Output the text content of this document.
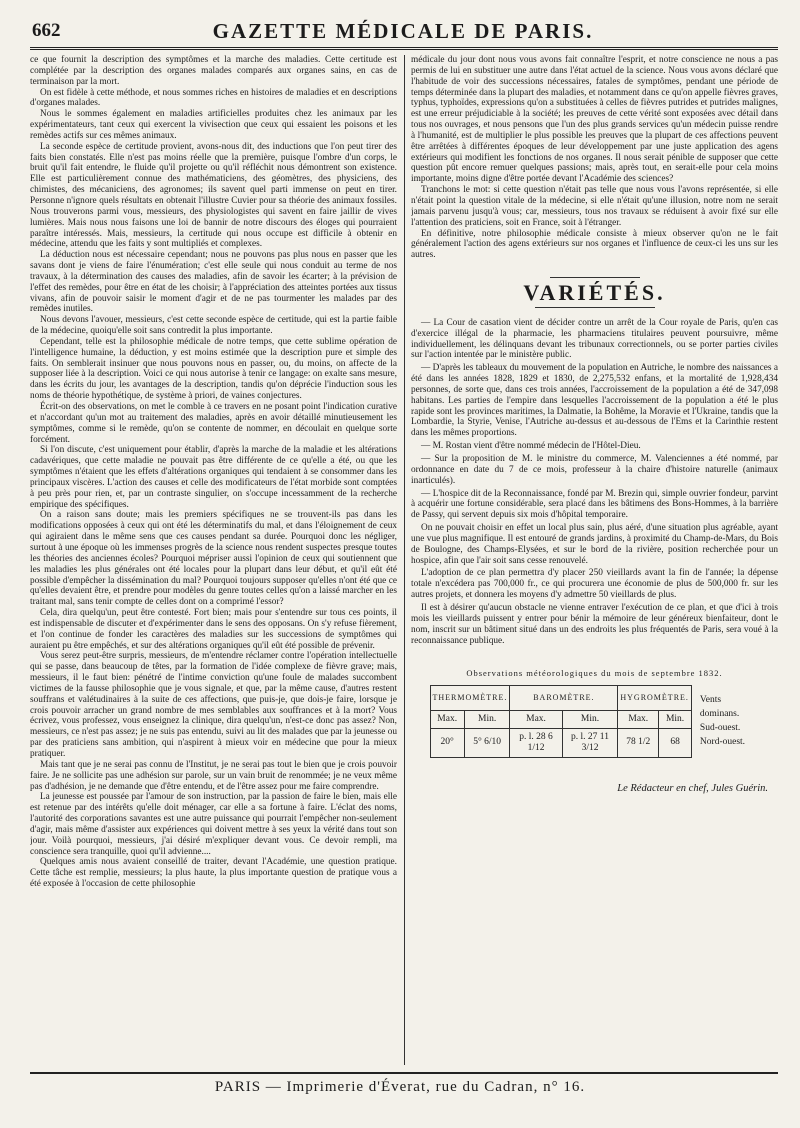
662	GAZETTE MÉDICALE DE PARIS.

ce que fournit la description des symptômes et la marche des maladies. Cette certitude est complétée par la description des organes malades comparés aux organes sains, en cas de terminaison par la mort.

On est fidèle à cette méthode, et nous sommes riches en histoires de maladies et en descriptions d'organes malades.

Nous le sommes également en maladies artificielles produites chez les animaux par les expérimentateurs, tant ceux qui exercent la vivisection que ceux qui essaient les poisons et les remèdes actifs sur ces mêmes animaux.

La seconde espèce de certitude provient, avons-nous dit, des inductions que l'on peut tirer des faits bien constatés. Elle n'est pas moins réelle que la première, puisque l'ombre d'un corps, le bruit qu'il fait entendre, le fluide qu'il projette ou qu'il réfléchit nous démontrent son existence. Elle est particulièrement connue des mathématiciens, des géomètres, des physiciens, des chimistes, des mécaniciens, des agronomes; ils savent quel parti immense on peut en tirer. Personne n'ignore quels résultats en obtenait l'illustre Cuvier pour sa théorie des animaux fossiles. Nous trouverons parmi vous, messieurs, des physiologistes qui savent en faire jaillir de vives lumières. Mais nous nous faisons une loi de bannir de notre discours des éloges qui pourraient paraître intéressés. Mais, messieurs, la certitude qui nous occupe est difficile à obtenir en médecine, attendu que les faits y sont multipliés et complexes.

La déduction nous est nécessaire cependant; nous ne pouvons pas plus nous en passer que les savans dont je viens de faire l'énumération; c'est elle seule qui nous conduit au terme de nos travaux, à la détermination des causes des maladies, afin de savoir les écarter; à la prévision de l'effet des remèdes, pour être en état de les choisir; à l'appréciation des atteintes portées aux tissus vivans, afin de pouvoir saisir le moment d'agir et de ne pas tourmenter les malades par des remèdes inutiles.

Nous devons l'avouer, messieurs, c'est cette seconde espèce de certitude, qui est la partie faible de la médecine, quoiqu'elle soit sans contredit la plus importante.

Cependant, telle est la philosophie médicale de notre temps, que cette sublime opération de l'intelligence humaine, la déduction, y est moins estimée que la description pure et simple des faits. On semblerait insinuer que nous pouvons nous en passer, ou, du moins, on affecte de la supposer liée à la description. Voici ce qui nous autorise à tenir ce langage: on exalte sans mesure, dans les écrits du jour, les avantages de la description, tandis qu'on déprécie l'induction sous les noms de théorie hypothétique, de système à priori, de vaines conjectures.

Écrit-on des observations, on met le comble à ce travers en ne posant point l'indication curative et n'accordant qu'un mot au traitement des maladies, après en avoir détaillé minutieusement les symptômes, comme si le remède, qu'on se contente de nommer, en découlait en quelque sorte forcément.

Si l'on discute, c'est uniquement pour établir, d'après la marche de la maladie et les altérations cadavériques, que cette maladie ne pouvait pas être différente de ce qu'elle a été, ou que les symptômes n'étaient que les effets d'altérations organiques qui tendaient à se consommer dans les principaux viscères. L'action des causes et celle des modificateurs de l'état morbide sont comptées à peu près pour rien, et, par un contraste singulier, on s'occupe incessamment de la recherche empirique des spécifiques.

On a raison sans doute; mais les premiers spécifiques ne se trouvent-ils pas dans les modifications opposées à ceux qui ont été les déterminatifs du mal, et dans l'éloignement de ceux qui agiraient dans le même sens que ces causes pendant sa durée. Pourquoi donc les négliger, surtout à une époque où les immenses progrès de la science nous rendent suspectes presque toutes les théories des anciennes écoles? Pourquoi mépriser aussi l'opinion de ceux qui soutiennent que les maladies les plus générales ont été locales pour la plupart dans leur début, et qu'il eût été possible d'empêcher la dissémination du mal? Pourquoi toujours supposer qu'elles n'ont été que ce qu'elles devaient être, et prendre pour modèles du genre toutes celles qu'on a laissé marcher en les traitant mal, sans tenir compte de celles dont on a comprimé l'essor?

Cela, dira quelqu'un, peut être contesté. Fort bien; mais pour s'entendre sur tous ces points, il est indispensable de discuter et d'expérimenter dans le sens des opposans. On s'y refuse fièrement, et l'on continue de fonder les caractères des maladies sur les successions de symptômes qui auraient pu être empêchés, et sur des altérations organiques qu'il eût été possible de prévenir.

Vous serez peut-être surpris, messieurs, de m'entendre réclamer contre l'opération intellectuelle qui se passe, dans beaucoup de têtes, par la formation de l'idée complexe de fièvre grave; mais, messieurs, il le faut bien: pénétré de l'intime conviction qu'une foule de malades succombent victimes de la fausse philosophie que je vous signale, et que, par la même cause, d'autres restent souffrans et valétudinaires à la suite de ces affections, que puis-je, que dois-je faire, lorsque je crois pouvoir arracher un grand nombre de mes semblables aux souffrances et à la mort? Vous écrivez, vous professez, vous enseignez la clinique, dira quelqu'un, n'est-ce donc pas assez? Non, messieurs, ce n'est pas assez; je ne suis pas entendu, suivi au lit des malades que par la jeunesse ou par des praticiens sans ambition, qui n'aspirent à mieux voir en médecine que pour la mieux pratiquer.

Mais tant que je ne serai pas connu de l'Institut, je ne serai pas tout le bien que je crois pouvoir faire. Je ne sollicite pas une adhésion sur parole, sur un vain bruit de renommée; je ne veux même pas d'adhésion, je ne demande que d'être entendu, et de l'être assez pour me faire comprendre.

La jeunesse est poussée par l'amour de son instruction, par la passion de faire le bien, mais elle est retenue par des intérêts qu'elle doit ménager, car elle a sa fortune à faire. L'éclat des noms, l'autorité des corporations savantes est une autre puissance qui pourrait l'empêcher non-seulement d'agir, mais même d'assister aux expériences qui doivent mettre à ses yeux la vérité dans tout son jour. Voilà pourquoi, messieurs, j'ai désiré m'expliquer devant vous. Ce devoir rempli, ma conscience sera tranquille, quoi qu'il advienne....

Quelques amis nous avaient conseillé de traiter, devant l'Académie, une question pratique. Cette tâche est remplie, messieurs; la plus haute, la plus importante question de pratique vous a été exposée à l'occasion de cette philosophie

médicale du jour dont nous vous avons fait connaître l'esprit, et notre conscience ne nous a pas permis de lui en substituer une autre dans l'état actuel de la science. Nous vous avons déclaré que l'habitude de voir des successions nécessaires, fatales de symptômes, pendant une période de temps déterminée dans la plupart des maladies, et notamment dans ce qu'on appelle fièvres graves, typhus, typhoïdes, expressions qu'on a substituées à celles de fièvres putrides et putrides malignes, est une erreur préjudiciable à la société; les preuves de cette vérité sont exposées avec détail dans tous nos ouvrages, et nous pensons que l'un des plus grands services qu'un médecin puisse rendre à l'humanité, est de multiplier le plus possible les preuves que la plupart de ces affections peuvent être arrêtées à différentes époques de leur développement par une juste application des agens extérieurs qui modifient les fonctions de nos organes. Il nous serait pénible de supposer que cette question pût encore remuer quelques passions; mais, après tout, en serait-elle pour cela moins importante, moins digne d'être portée devant l'Académie des sciences?

Tranchons le mot: si cette question n'était pas telle que nous vous l'avons représentée, si elle n'était point la question vitale de la médecine, si elle n'était qu'une illusion, notre nom ne serait jamais parvenu jusqu'à vous; car, messieurs, tous nos travaux se réduisent à avoir fixé sur elle l'attention des praticiens, soit en France, soit à l'étranger.

En définitive, notre philosophie médicale consiste à mieux observer qu'on ne le fait généralement l'action des agens extérieurs sur nos organes et l'influence de ceux-ci les uns sur les autres.

VARIÉTÉS.

— La Cour de casation vient de décider contre un arrêt de la Cour royale de Paris, qu'en cas d'exercice illégal de la pharmacie, les pharmaciens titulaires peuvent poursuivre, même individuellement, les délinquans devant les tribunaux correctionnels, ou se porter parties civiles sur l'action intentée par le ministère public.

— D'après les tableaux du mouvement de la population en Autriche, le nombre des naissances a été dans les années 1828, 1829 et 1830, de 2,275,532 enfans, et la mortalité de 1,928,434 personnes, de sorte que, dans ces trois années, l'accroissement de la population a été de 347,098 habitans. Les parties de l'empire dans lesquelles l'accroissement de la population a été le plus rapide sont les provinces maritimes, la Dalmatie, la Bohême, la Moravie et l'Ukraine, tandis que la Lombardie, la Styrie, Venise, l'Autriche au-dessus et au-dessous de l'Ems et la Carinthie restent dans les mêmes proportions.

— M. Rostan vient d'être nommé médecin de l'Hôtel-Dieu.

— Sur la proposition de M. le ministre du commerce, M. Valenciennes a été nommé, par ordonnance en date du 7 de ce mois, professeur à la chaire d'histoire naturelle (animaux inarticulés).

— L'hospice dit de la Reconnaissance, fondé par M. Brezin qui, simple ouvrier fondeur, parvint à acquérir une fortune considérable, sera placé dans les bâtimens des Bons-Hommes, à la barrière de Passy, qui servent depuis six mois d'hôpital temporaire.

On ne pouvait choisir en effet un local plus sain, plus aéré, d'une situation plus agréable, ayant une vue plus magnifique. Il est entouré de grands jardins, à proximité du Champ-de-Mars, du Bois de Boulogne, des Champs-Elysées, et sur le bord de la rivière, position recherchée pour un hospice, afin que l'air soit sans cesse renouvelé.

L'adoption de ce plan permettra d'y placer 250 vieillards avant la fin de l'année; la dépense totale n'excédera pas 700,000 fr., ce qui procurera une économie de plus de 500,000 fr. sur les autres projets, et donnera les moyens d'y admettre 50 vieillards de plus.

Il est à désirer qu'aucun obstacle ne vienne entraver l'exécution de ce plan, et que d'ici à trois mois les vieillards puissent y entrer pour bénir la mémoire de leur généreux bienfaiteur, dont le nom, inscrit sur un bâtiment situé dans un des endroits les plus fréquentés de Paris, sera voué à la reconnaissance publique.

Observations météorologiques du mois de septembre 1832.
THERMOMÈTRE.		BAROMÈTRE.		HYGROMÈTRE.		Vents dominans.
Sud-ouest.
Nord-ouest.

Max.	Min.	Max.	Min.	Max.	Min.	
20°	5° 6/10	p. l. 28 6 1/12	p. l. 27 11 3/12	78 1/2	68	
Le Rédacteur en chef, Jules Guérin.
PARIS — Imprimerie d'Éverat, rue du Cadran, n° 16.
